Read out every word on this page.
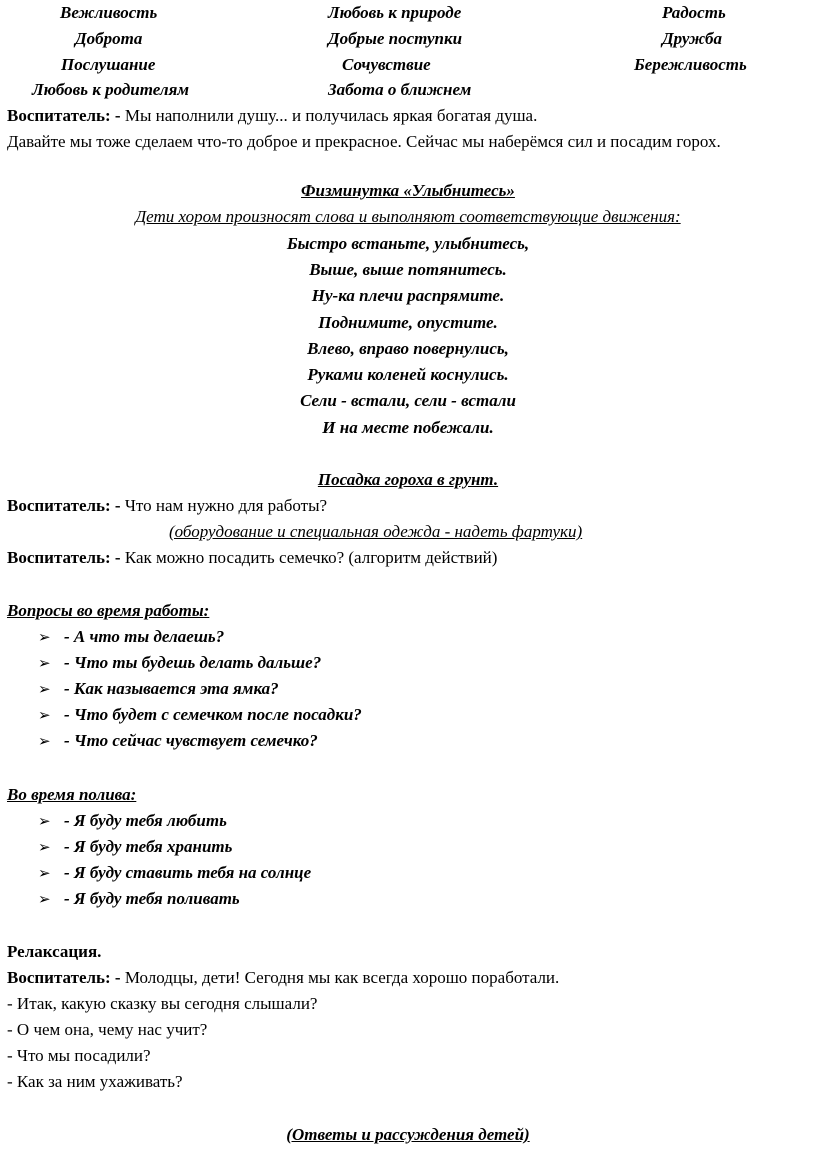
Вежливость	Любовь к природе	Радость
Доброта	Добрые поступки	Дружба
Послушание	Сочувствие	Бережливость
Любовь к родителям	Забота о ближнем
Воспитатель: - Мы наполнили душу... и получилась яркая богатая душа.
Давайте мы тоже сделаем что-то доброе и прекрасное. Сейчас мы наберёмся сил и посадим горох.
Физминутка «Улыбнитесь»
Дети хором произносят слова и выполняют соответствующие движения:
Быстро встаньте, улыбнитесь,
Выше, выше потянитесь.
Ну-ка плечи распрямите.
Поднимите, опустите.
Влево, вправо повернулись,
Руками коленей коснулись.
Сели - встали, сели - встали
И на месте побежали.
Посадка гороха в грунт.
Воспитатель: - Что нам нужно для работы?
(оборудование и специальная одежда - надеть фартуки)
Воспитатель: - Как можно посадить семечко? (алгоритм действий)
Вопросы во время работы:
➢ - А что ты делаешь?
➢ - Что ты будешь делать дальше?
➢ - Как называется эта ямка?
➢ - Что будет с семечком после посадки?
➢ - Что сейчас чувствует семечко?
Во время полива:
➢ - Я буду тебя любить
➢ - Я буду тебя хранить
➢ - Я буду ставить тебя на солнце
➢ - Я буду тебя поливать
Релаксация.
Воспитатель: - Молодцы, дети! Сегодня мы как всегда хорошо поработали.
- Итак, какую сказку вы сегодня слышали?
- О чем она, чему нас учит?
- Что мы посадили?
- Как за ним ухаживать?
(Ответы и рассуждения детей)
